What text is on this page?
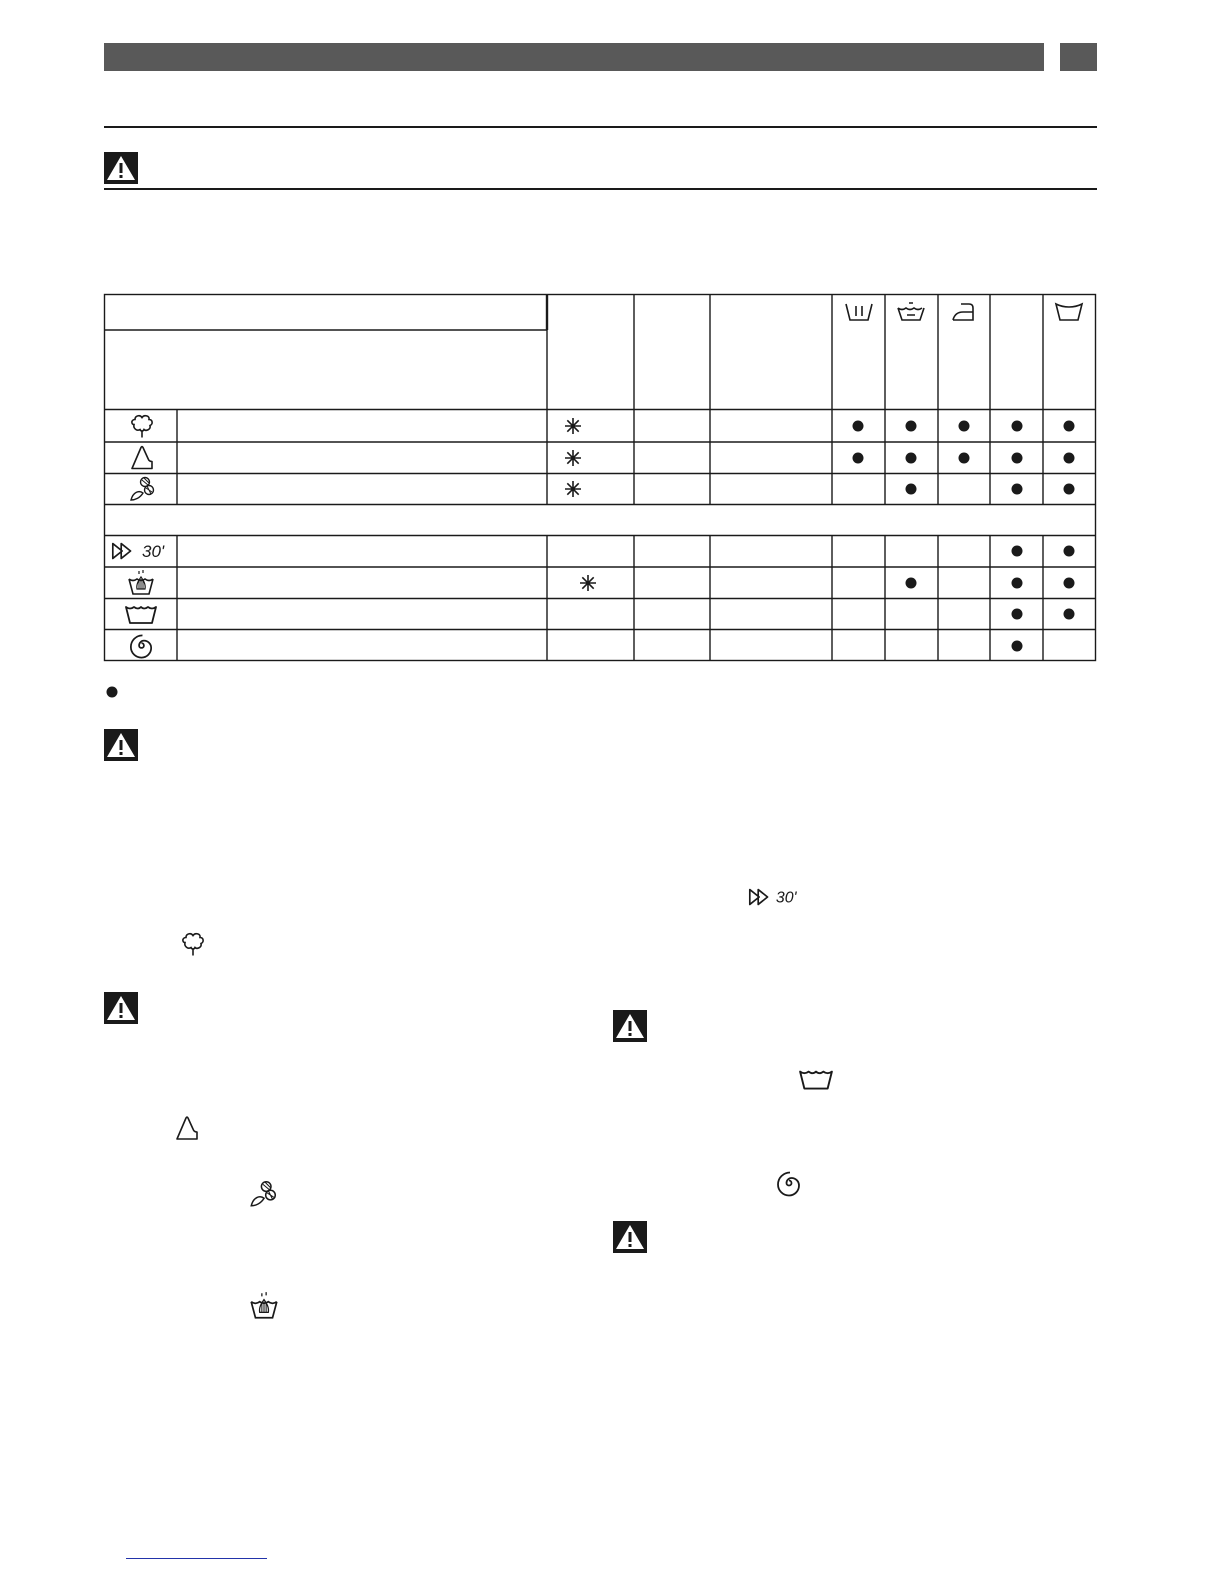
30'
30'
